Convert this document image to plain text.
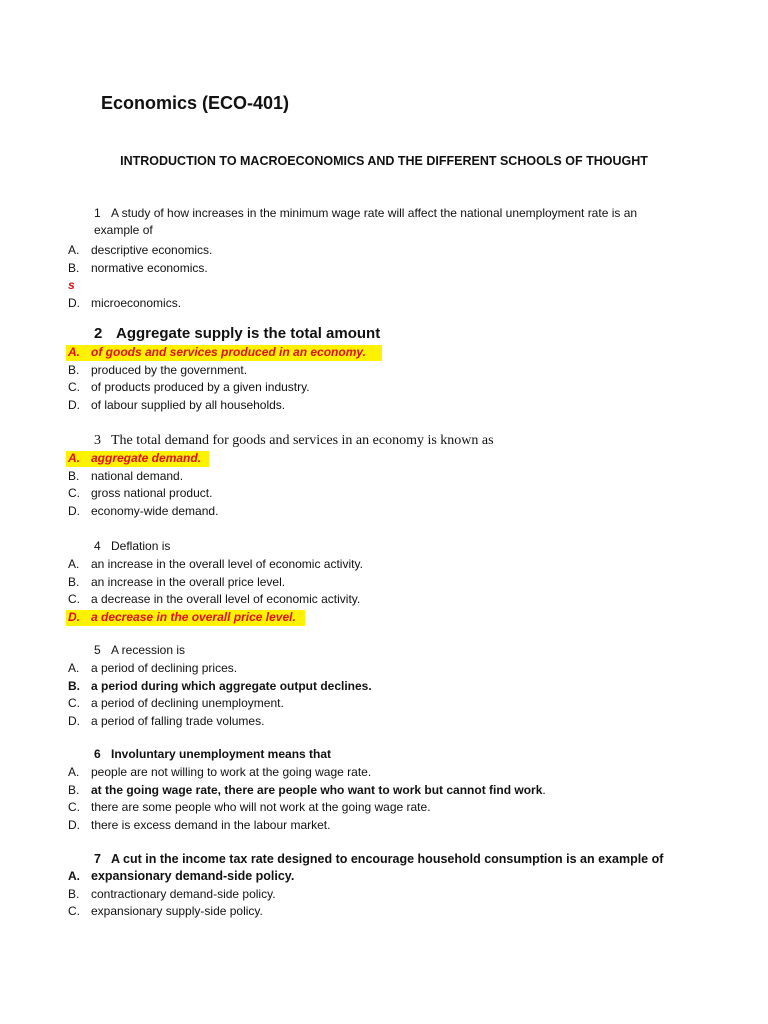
Economics (ECO-401)
INTRODUCTION TO MACROECONOMICS AND THE DIFFERENT SCHOOLS OF THOUGHT
1 A study of how increases in the minimum wage rate will affect the national unemployment rate is an example of
A. descriptive economics.
B. normative economics.
s
D. microeconomics.
2 Aggregate supply is the total amount
A. of goods and services produced in an economy.
B. produced by the government.
C. of products produced by a given industry.
D. of labour supplied by all households.
3 The total demand for goods and services in an economy is known as
A. aggregate demand.
B. national demand.
C. gross national product.
D. economy-wide demand.
4 Deflation is
A. an increase in the overall level of economic activity.
B. an increase in the overall price level.
C. a decrease in the overall level of economic activity.
D. a decrease in the overall price level.
5 A recession is
A. a period of declining prices.
B. a period during which aggregate output declines.
C. a period of declining unemployment.
D. a period of falling trade volumes.
6 Involuntary unemployment means that
A. people are not willing to work at the going wage rate.
B. at the going wage rate, there are people who want to work but cannot find work.
C. there are some people who will not work at the going wage rate.
D. there is excess demand in the labour market.
7 A cut in the income tax rate designed to encourage household consumption is an example of
A. expansionary demand-side policy.
B. contractionary demand-side policy.
C. expansionary supply-side policy.
